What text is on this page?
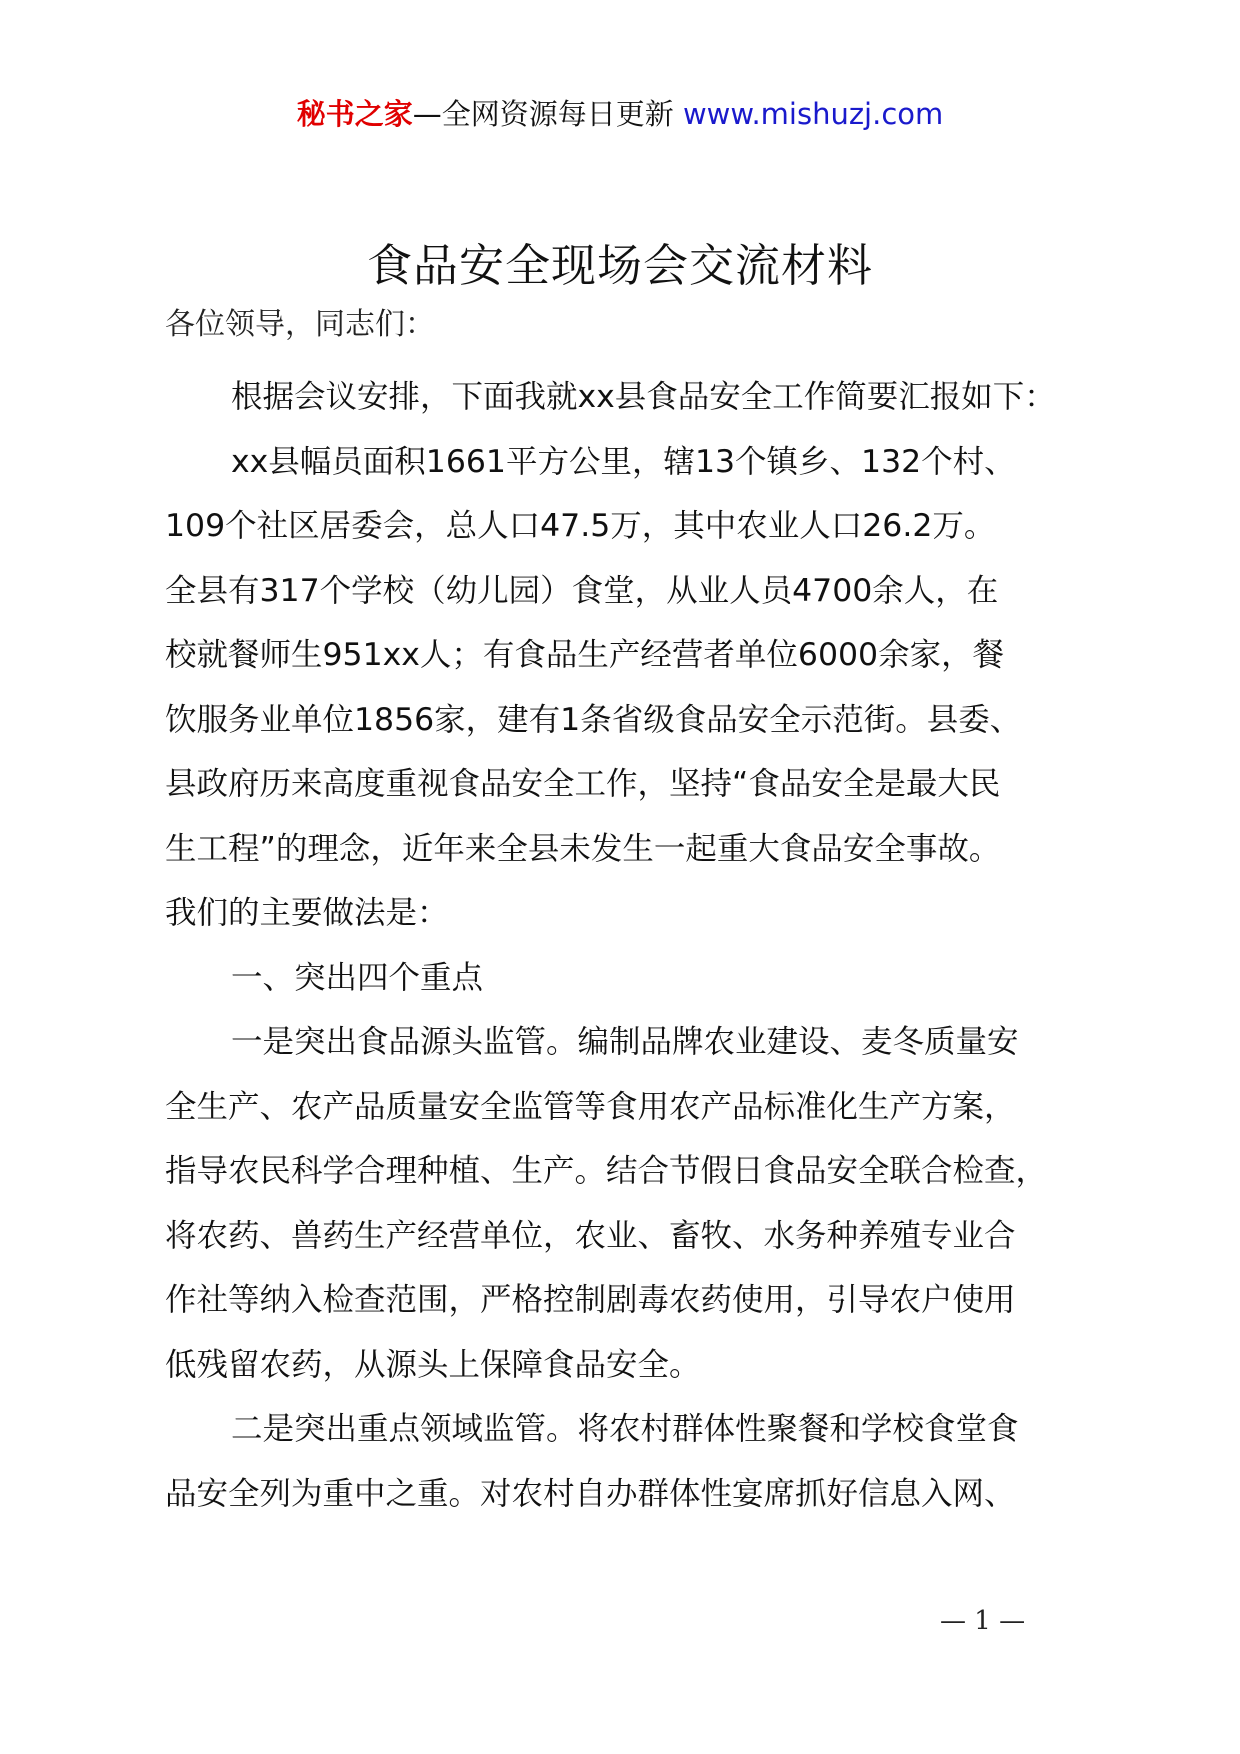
秘书之家—全网资源每日更新 www.mishuzj.com
食品安全现场会交流材料
各位领导，同志们：
根据会议安排，下面我就xx县食品安全工作简要汇报如下：
xx县幅员面积1661平方公里，辖13个镇乡、132个村、
109个社区居委会，总人口47.5万，其中农业人口26.2万。
全县有317个学校（幼儿园）食堂，从业人员4700余人，在
校就餐师生951xx人；有食品生产经营者单位6000余家，餐
饮服务业单位1856家，建有1条省级食品安全示范街。县委、
县政府历来高度重视食品安全工作，坚持“食品安全是最大民
生工程”的理念，近年来全县未发生一起重大食品安全事故。
我们的主要做法是：
一、突出四个重点
一是突出食品源头监管。编制品牌农业建设、麦冬质量安
全生产、农产品质量安全监管等食用农产品标准化生产方案，
指导农民科学合理种植、生产。结合节假日食品安全联合检查，
将农药、兽药生产经营单位，农业、畜牧、水务种养殖专业合
作社等纳入检查范围，严格控制剧毒农药使用，引导农户使用
低残留农药，从源头上保障食品安全。
二是突出重点领域监管。将农村群体性聚餐和学校食堂食
品安全列为重中之重。对农村自办群体性宴席抓好信息入网、
— 1 —
